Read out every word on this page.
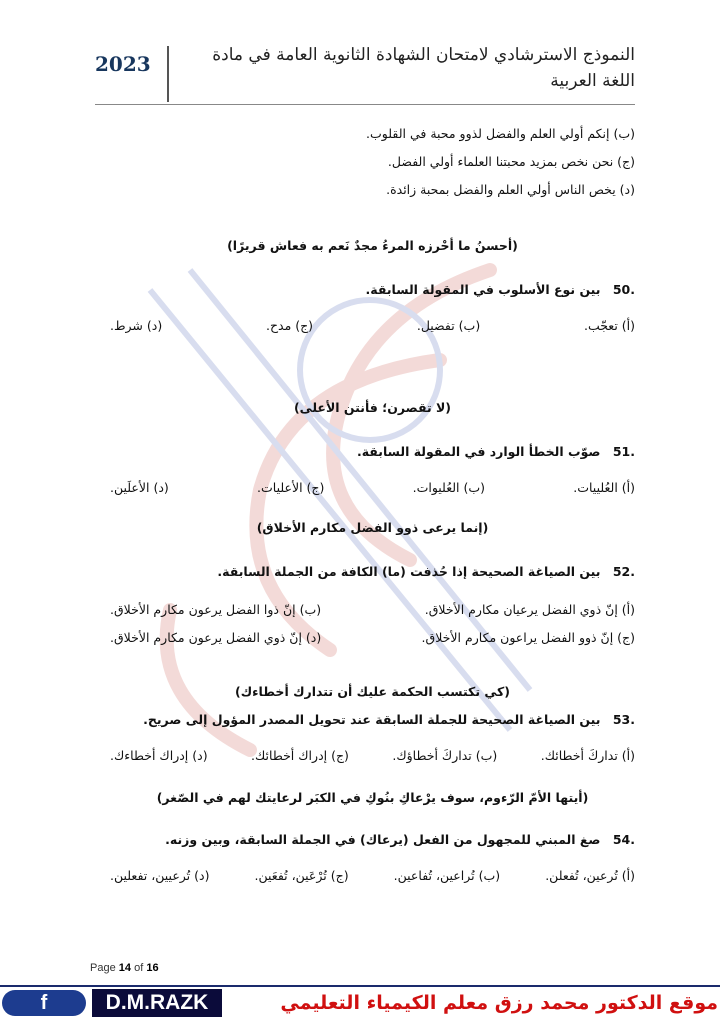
2023	النموذج الاسترشادي لامتحان الشهادة الثانوية العامة في مادة اللغة العربية
(ب) إنكم أولي العلم والفضل لذوو محبة في القلوب.
(ج) نحن نخص بمزيد محبتنا العلماء أولي الفضل.
(د) يخص الناس أولي العلم والفضل بمحبة زائدة.
(أحسنُ ما أحْرزه المرءُ مجدٌ نَعم به فعاش قريرًا)
.50 بين نوع الأسلوب في المقولة السابقة.
(أ) تعجّب.
(ب) تفضيل.
(ج) مدح.
(د) شرط.
(لا تقصرن؛ فأنتن الأعلى)
.51 صوّب الخطأ الوارد في المقولة السابقة.
(أ) العُلييات.
(ب) العُليوات.
(ج) الأعليات.
(د) الأعلَين.
(إنما يرعى ذوو الفضل مكارم الأخلاق)
.52 بين الصياغة الصحيحة إذا حُذفت (ما) الكافة من الجملة السابقة.
(أ) إنّ ذوي الفضل يرعيان مكارم الأخلاق.
(ب) إنّ ذوا الفضل يرعون مكارم الأخلاق.
(ج) إنّ ذوو الفضل يراعون مكارم الأخلاق.
(د) إنّ ذوي الفضل يرعون مكارم الأخلاق.
(كي تكتسب الحكمة عليك أن تتدارك أخطاءك)
.53 بين الصياغة الصحيحة للجملة السابقة عند تحويل المصدر المؤول إلى صريح.
(أ) تداركَ أخطائك.
(ب) تداركَ أخطاؤك.
(ج) إدراك أخطائك.
(د) إدراك أخطاءك.
(أيتها الأمّ الرّءوم، سوف يرْعاكِ بنُوكِ في الكبَر لرعايتك لهم في الصّغر)
.54 صغ المبني للمجهول من الفعل (يرعاك) في الجملة السابقة، وبين وزنه.
(أ) تُرعين، تُفعلن.
(ب) تُراعين، تُفاعين.
(ج) تُرْعَين، تُفعَين.
(د) تُرعيين، تفعلين.
Page 14 of 16
f	D.M.RAZK	موقع الدكتور محمد رزق معلم الكيمياء التعليمي
